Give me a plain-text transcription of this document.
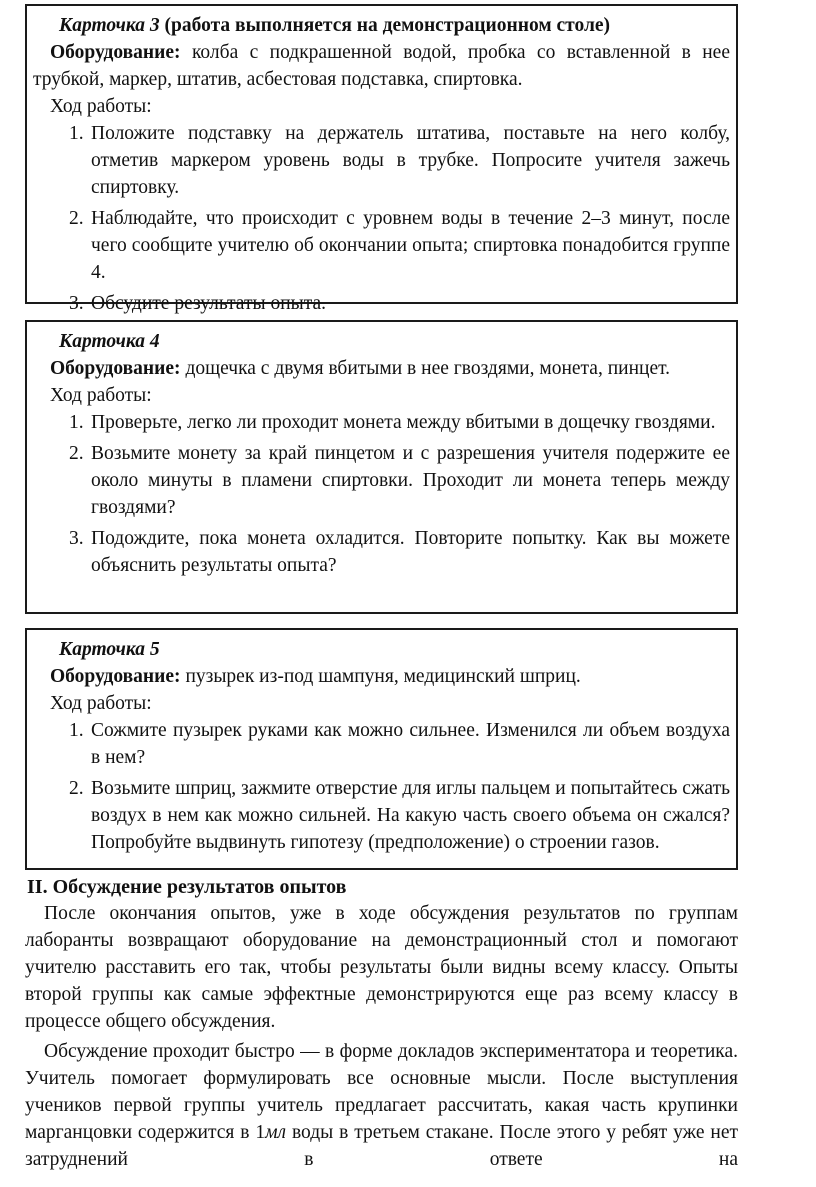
Карточка 3 (работа выполняется на демонстрационном столе)

Оборудование: колба с подкрашенной водой, пробка со вставленной в нее трубкой, маркер, штатив, асбестовая подставка, спиртовка.

Ход работы:

1. Положите подставку на держатель штатива, поставьте на него колбу, отметив маркером уровень воды в трубке. Попросите учителя зажечь спиртовку.
2. Наблюдайте, что происходит с уровнем воды в течение 2–3 минут, после чего сообщите учителю об окончании опыта; спиртовка понадобится группе 4.
3. Обсудите результаты опыта.

Карточка 4

Оборудование: дощечка с двумя вбитыми в нее гвоздями, монета, пинцет.

Ход работы:

1. Проверьте, легко ли проходит монета между вбитыми в дощечку гвоздями.
2. Возьмите монету за край пинцетом и с разрешения учителя подержите ее около минуты в пламени спиртовки. Проходит ли монета теперь между гвоздями?
3. Подождите, пока монета охладится. Повторите попытку. Как вы можете объяснить результаты опыта?

Карточка 5

Оборудование: пузырек из-под шампуня, медицинский шприц.

Ход работы:

1. Сожмите пузырек руками как можно сильнее. Изменился ли объем воздуха в нем?
2. Возьмите шприц, зажмите отверстие для иглы пальцем и попытайтесь сжать воздух в нем как можно сильней. На какую часть своего объема он сжался? Попробуйте выдвинуть гипотезу (предположение) о строении газов.
II. Обсуждение результатов опытов

После окончания опытов, уже в ходе обсуждения результатов по группам лаборанты возвращают оборудование на демонстрационный стол и помогают учителю расставить его так, чтобы результаты были видны всему классу. Опыты второй группы как самые эффектные демонстрируются еще раз всему классу в процессе общего обсуждения.

Обсуждение проходит быстро — в форме докладов экспериментатора и теоретика. Учитель помогает формулировать все основные мысли. После выступления учеников первой группы учитель предлагает рассчитать, какая часть крупинки марганцовки содержится в 1мл воды в третьем стакане. После этого у ребят уже нет затруднений в ответе на
